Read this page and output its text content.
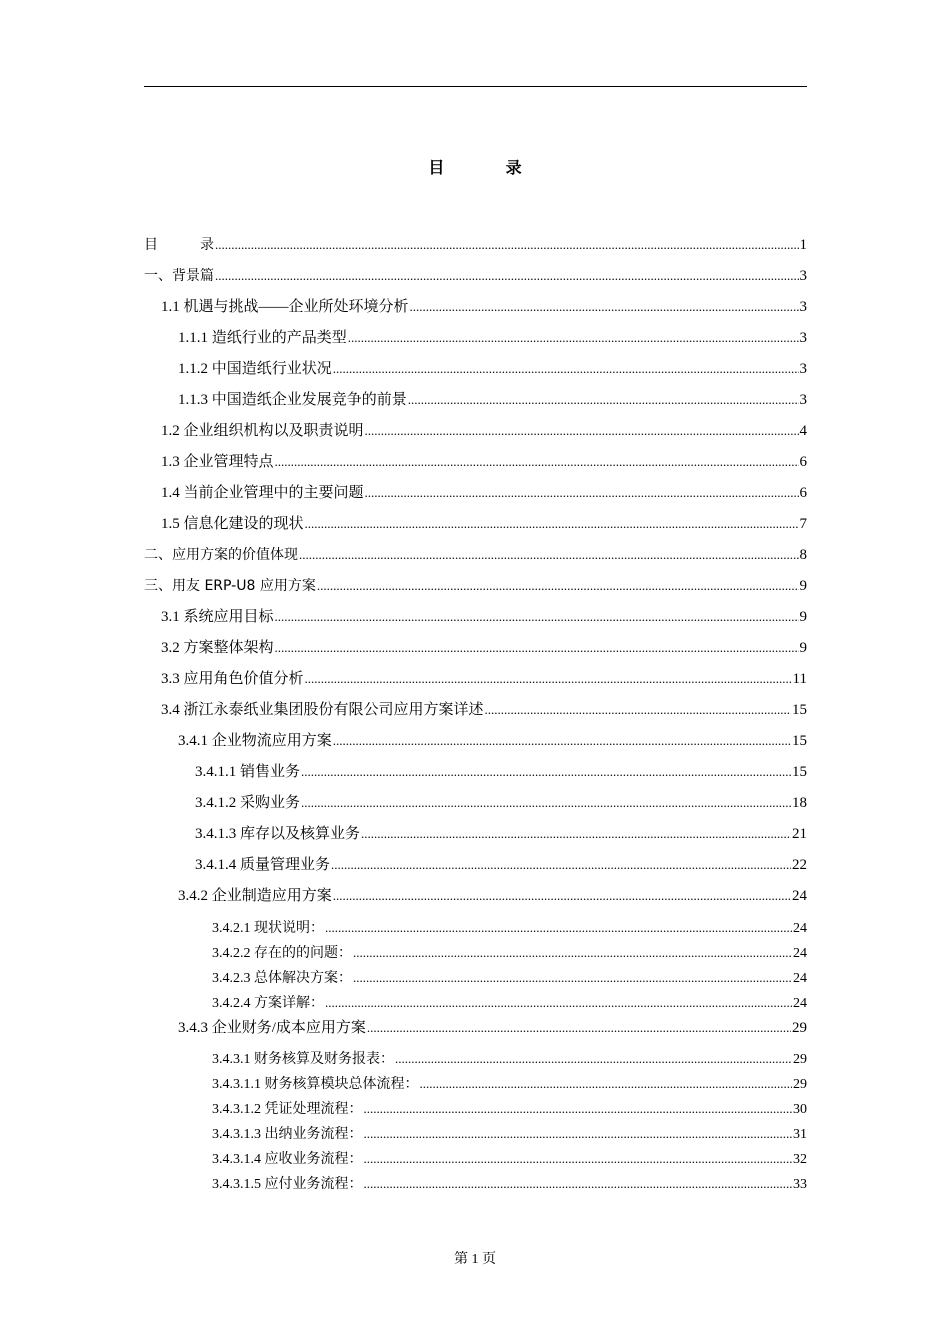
目	录
目　　　录 .....	1
一、背景篇 .....	3
1.1 机遇与挑战——企业所处环境分析 .....	3
1.1.1 造纸行业的产品类型 .....	3
1.1.2 中国造纸行业状况 .....	3
1.1.3 中国造纸企业发展竞争的前景 .....	3
1.2 企业组织机构以及职责说明 .....	4
1.3 企业管理特点 .....	6
1.4 当前企业管理中的主要问题 .....	6
1.5 信息化建设的现状 .....	7
二、应用方案的价值体现 .....	8
三、用友 ERP-U8 应用方案 .....	9
3.1 系统应用目标 .....	9
3.2 方案整体架构 .....	9
3.3 应用角色价值分析 .....	11
3.4 浙江永泰纸业集团股份有限公司应用方案详述 .....	15
3.4.1 企业物流应用方案 .....	15
3.4.1.1 销售业务 .....	15
3.4.1.2 采购业务 .....	18
3.4.1.3 库存以及核算业务 .....	21
3.4.1.4 质量管理业务 .....	22
3.4.2 企业制造应用方案 .....	24
3.4.2.1 现状说明： .....	24
3.4.2.2 存在的的问题： .....	24
3.4.2.3 总体解决方案： .....	24
3.4.2.4 方案详解： .....	24
3.4.3 企业财务/成本应用方案 .....	29
3.4.3.1 财务核算及财务报表： .....	29
3.4.3.1.1 财务核算模块总体流程： .....	29
3.4.3.1.2 凭证处理流程： .....	30
3.4.3.1.3 出纳业务流程： .....	31
3.4.3.1.4 应收业务流程： .....	32
3.4.3.1.5 应付业务流程： .....	33
第 1 页
